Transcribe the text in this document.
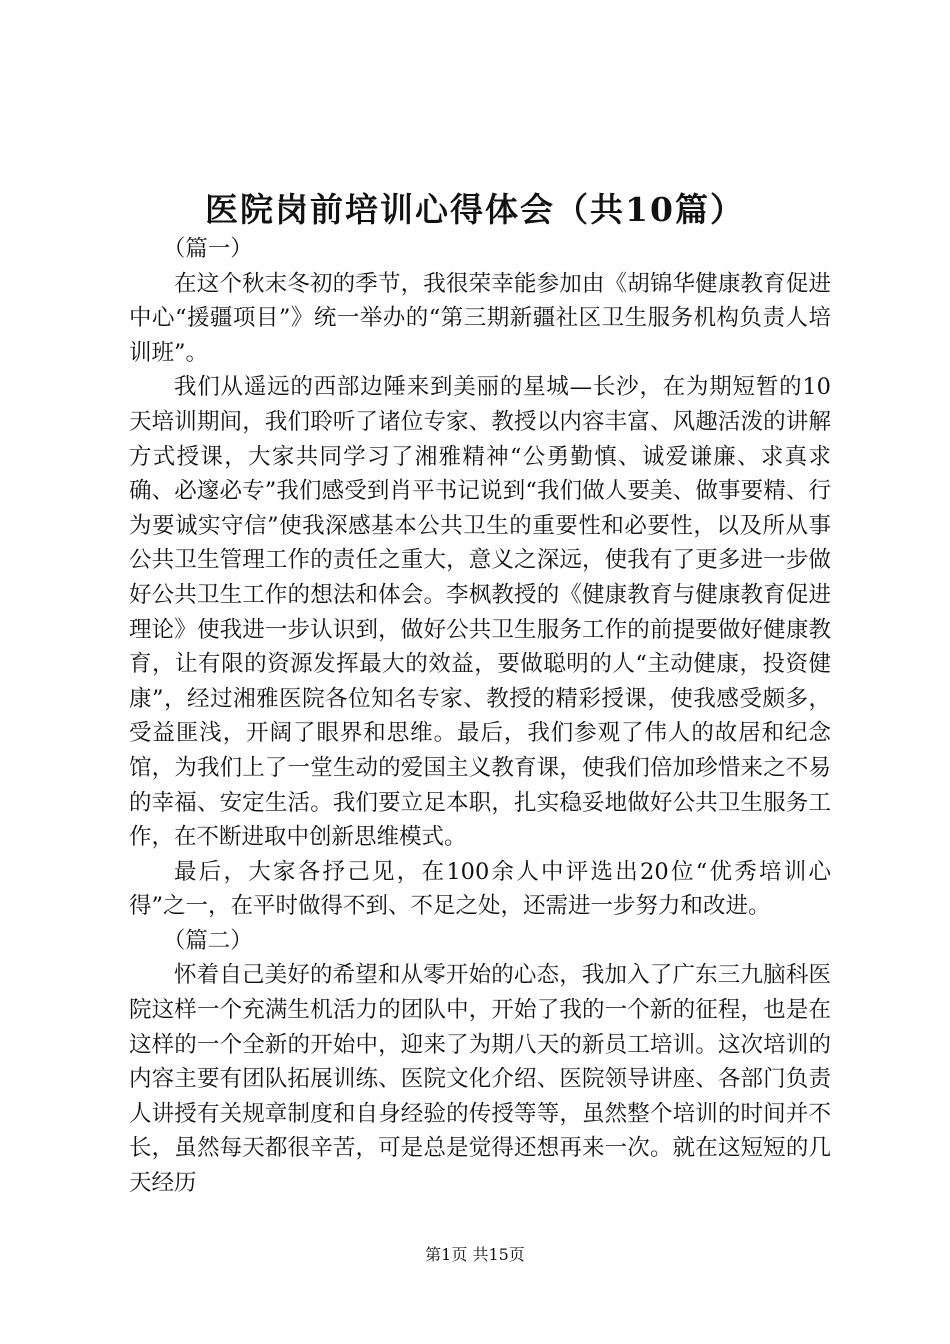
医院岗前培训心得体会（共10篇）

（篇一）

在这个秋末冬初的季节，我很荣幸能参加由《胡锦华健康教育促进中心“援疆项目”》统一举办的“第三期新疆社区卫生服务机构负责人培训班”。

我们从遥远的西部边陲来到美丽的星城—长沙，在为期短暂的10天培训期间，我们聆听了诸位专家、教授以内容丰富、风趣活泼的讲解方式授课，大家共同学习了湘雅精神“公勇勤慎、诚爱谦廉、求真求确、必邃必专”我们感受到肖平书记说到“我们做人要美、做事要精、行为要诚实守信”使我深感基本公共卫生的重要性和必要性，以及所从事公共卫生管理工作的责任之重大，意义之深远，使我有了更多进一步做好公共卫生工作的想法和体会。李枫教授的《健康教育与健康教育促进理论》使我进一步认识到，做好公共卫生服务工作的前提要做好健康教育，让有限的资源发挥最大的效益，要做聪明的人“主动健康，投资健康”，经过湘雅医院各位知名专家、教授的精彩授课，使我感受颇多，受益匪浅，开阔了眼界和思维。最后，我们参观了伟人的故居和纪念馆，为我们上了一堂生动的爱国主义教育课，使我们倍加珍惜来之不易的幸福、安定生活。我们要立足本职，扎实稳妥地做好公共卫生服务工作，在不断进取中创新思维模式。

最后，大家各抒己见，在100余人中评选出20位“优秀培训心得”之一，在平时做得不到、不足之处，还需进一步努力和改进。

（篇二）

怀着自己美好的希望和从零开始的心态，我加入了广东三九脑科医院这样一个充满生机活力的团队中，开始了我的一个新的征程，也是在这样的一个全新的开始中，迎来了为期八天的新员工培训。这次培训的内容主要有团队拓展训练、医院文化介绍、医院领导讲座、各部门负责人讲授有关规章制度和自身经验的传授等等，虽然整个培训的时间并不长，虽然每天都很辛苦，可是总是觉得还想再来一次。就在这短短的几天经历

第1页 共15页
